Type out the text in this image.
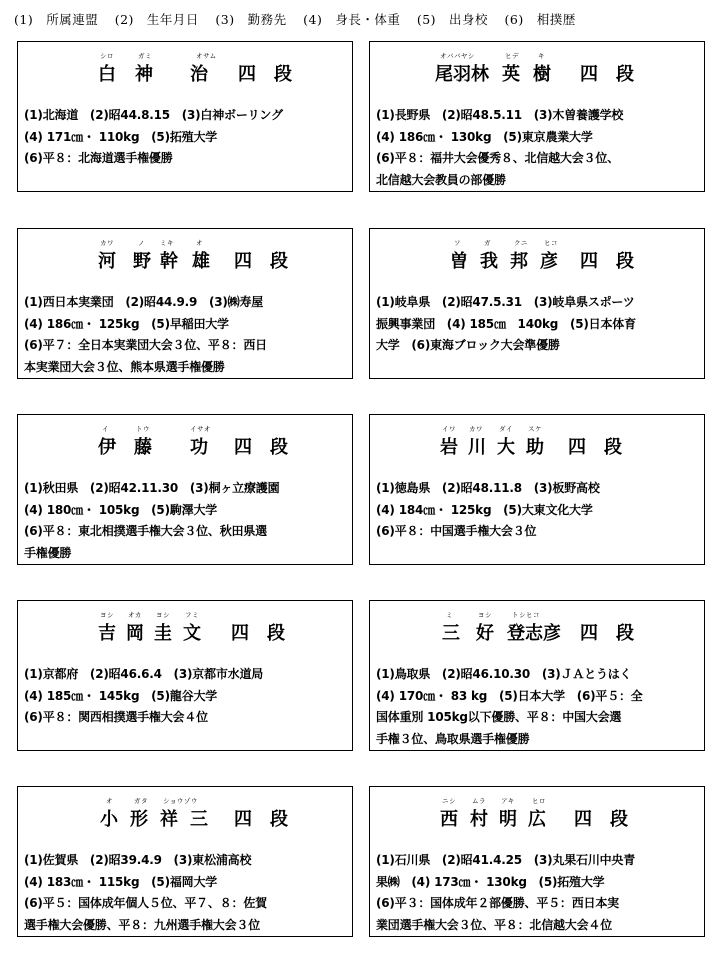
(1)　所属連盟 (2)　生年月日 (3)　勤務先 (4)　身長・体重 (5)　出身校 (6)　相撲歴
シロ	ガミ	オサム
白 神 治 四　段
(1)北海道　(2)昭44.8.15　(3)白神ボーリング
(4) 171㎝・ 110kg　(5)拓殖大学
(6)平８：北海道選手権優勝
オババヤシ	ヒデ	キ
尾羽林 英 樹 四　段
(1)長野県　(2)昭48.5.11　(3)木曽養護学校
(4) 186㎝・ 130kg　(5)東京農業大学
(6)平８：福井大会優秀８、北信越大会３位、
北信越大会教員の部優勝
カワ	ノ ミキ	オ
河 野 幹 雄 四　段
(1)西日本実業団　(2)昭44.9.9　(3)㈱寿屋
(4) 186㎝・ 125kg　(5)早稲田大学
(6)平７：全日本実業団大会３位、平８：西日
本実業団大会３位、熊本県選手権優勝
ソ	ガ	クニ ヒコ
曽 我 邦 彦 四　段
(1)岐阜県　(2)昭47.5.31　(3)岐阜県スポーツ
振興事業団　(4) 185㎝　140kg　(5)日本体育
大学　(6)東海ブロック大会準優勝
イ	トウ	イサオ
伊 藤 功 四　段
(1)秋田県　(2)昭42.11.30　(3)桐ヶ立療護園
(4) 180㎝・ 105kg　(5)駒澤大学
(6)平８：東北相撲選手権大会３位、秋田県選
手権優勝
イワ カワ ダイ スケ
岩 川 大 助 四　段
(1)徳島県　(2)昭48.11.8　(3)板野高校
(4) 184㎝・ 125kg　(5)大東文化大学
(6)平８：中国選手権大会３位
ヨシ オカ ヨシ フミ
吉 岡 圭 文 四　段
(1)京都府　(2)昭46.6.4　(3)京都市水道局
(4) 185㎝・ 145kg　(5)龍谷大学
(6)平８：関西相撲選手権大会４位
ミ	ヨシ	トシヒコ
三 好 登志彦 四　段
(1)鳥取県　(2)昭46.10.30　(3)ＪＡとうはく
(4) 170㎝・ 83 kg　(5)日本大学　(6)平５：全
国体重別 105kg以下優勝、平８：中国大会選
手権３位、鳥取県選手権優勝
オ	ガタ ショウゾウ
小 形 祥 三 四　段
(1)佐賀県　(2)昭39.4.9　(3)東松浦高校
(4) 183㎝・ 115kg　(5)福岡大学
(6)平５：国体成年個人５位、平７、８：佐賀
選手権大会優勝、平８：九州選手権大会３位
ニシ ムラ アキ	ヒロ
西 村 明 広 四　段
(1)石川県　(2)昭41.4.25　(3)丸果石川中央青
果㈱　(4) 173㎝・ 130kg　(5)拓殖大学
(6)平３：国体成年２部優勝、平５：西日本実
業団選手権大会３位、平８：北信越大会４位
